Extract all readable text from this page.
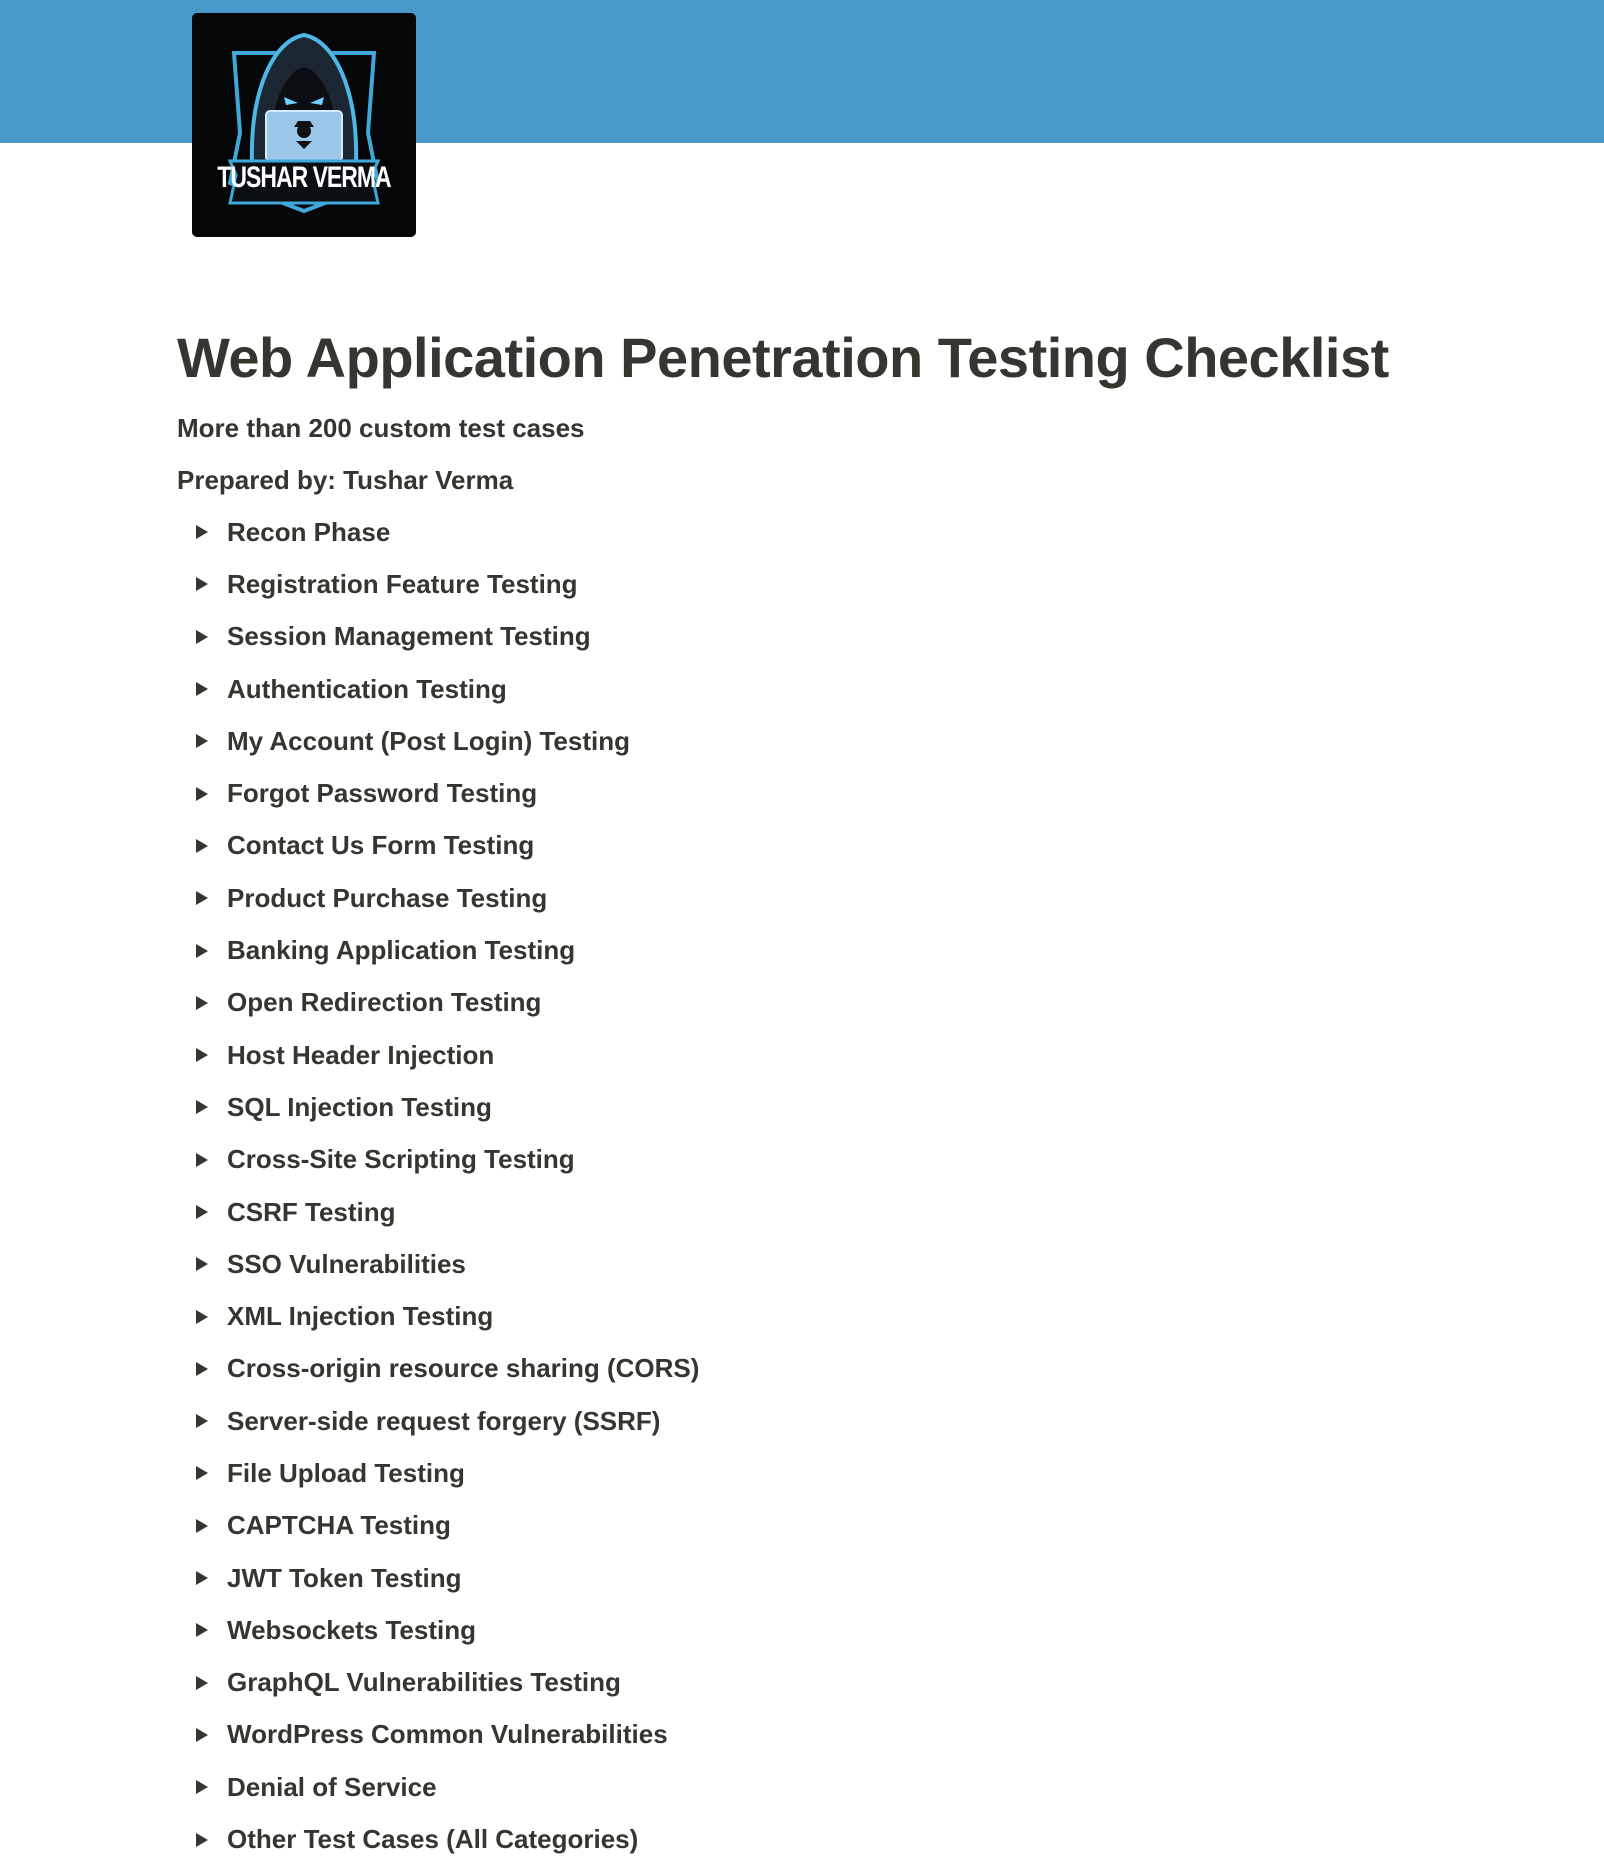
TUSHAR VERMA
Web Application Penetration Testing Checklist

More than 200 custom test cases

Prepared by: Tushar Verma

Recon Phase
Registration Feature Testing
Session Management Testing
Authentication Testing
My Account (Post Login) Testing
Forgot Password Testing
Contact Us Form Testing
Product Purchase Testing
Banking Application Testing
Open Redirection Testing
Host Header Injection
SQL Injection Testing
Cross-Site Scripting Testing
CSRF Testing
SSO Vulnerabilities
XML Injection Testing
Cross-origin resource sharing (CORS)
Server-side request forgery (SSRF)
File Upload Testing
CAPTCHA Testing
JWT Token Testing
Websockets Testing
GraphQL Vulnerabilities Testing
WordPress Common Vulnerabilities
Denial of Service
Other Test Cases (All Categories)
